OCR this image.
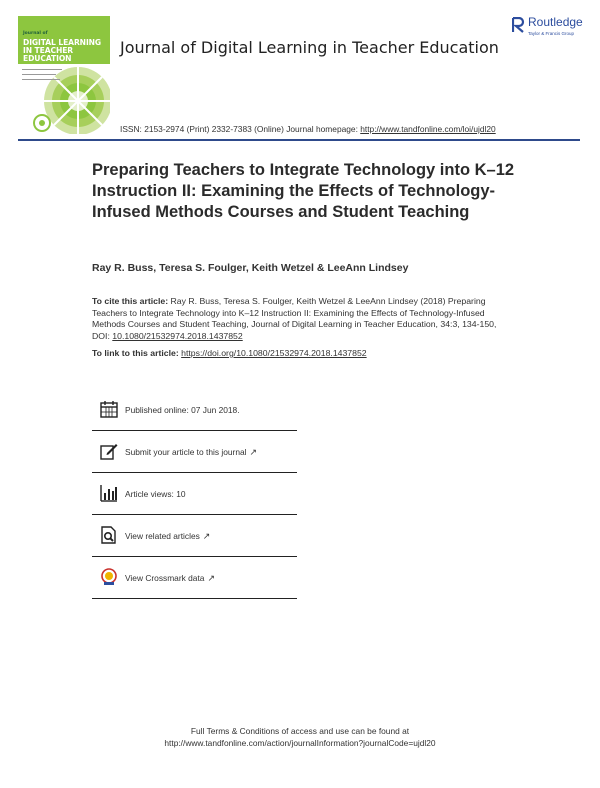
Journal of
DIGITAL LEARNING IN TEACHER EDUCATION
Journal of Digital Learning in Teacher Education
Routledge
Taylor & Francis Group
ISSN: 2153-2974 (Print) 2332-7383 (Online) Journal homepage: http://www.tandfonline.com/loi/ujdl20
Preparing Teachers to Integrate Technology into K–12 Instruction II: Examining the Effects of Technology-Infused Methods Courses and Student Teaching
Ray R. Buss, Teresa S. Foulger, Keith Wetzel & LeeAnn Lindsey
To cite this article: Ray R. Buss, Teresa S. Foulger, Keith Wetzel & LeeAnn Lindsey (2018) Preparing Teachers to Integrate Technology into K–12 Instruction II: Examining the Effects of Technology-Infused Methods Courses and Student Teaching, Journal of Digital Learning in Teacher Education, 34:3, 134-150, DOI: 10.1080/21532974.2018.1437852
To link to this article: https://doi.org/10.1080/21532974.2018.1437852
Published online: 07 Jun 2018.
Submit your article to this journal ↗
Article views: 10
View related articles ↗
View Crossmark data ↗
Full Terms & Conditions of access and use can be found at
http://www.tandfonline.com/action/journalInformation?journalCode=ujdl20
